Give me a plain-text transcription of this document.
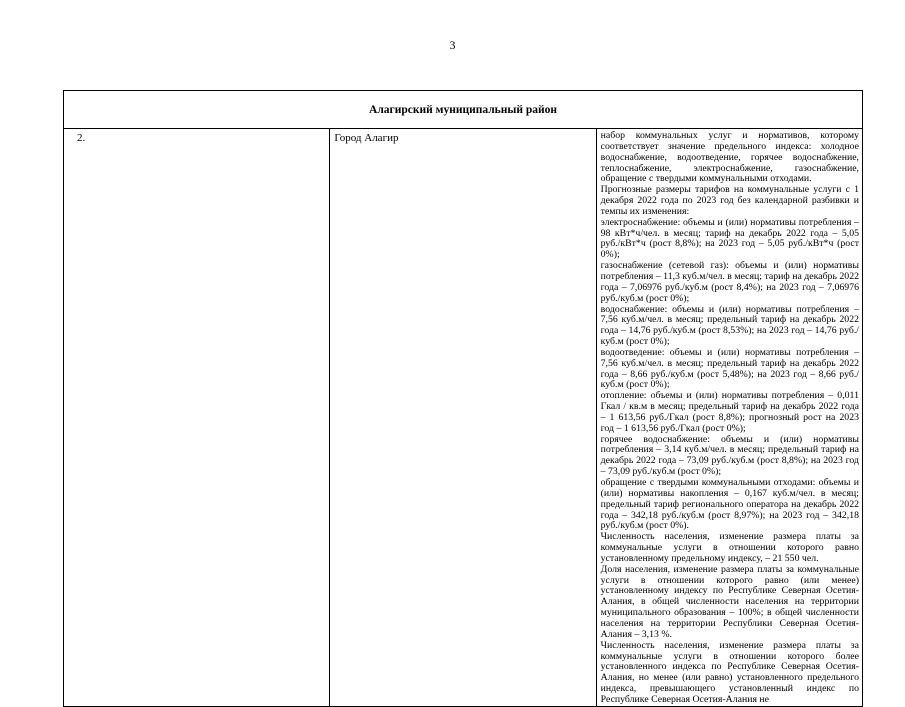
3
Алагирский муниципальный район
2.	Город Алагир	набор коммунальных услуг и нормативов, которому соответствует значение предельного индекса: холодное водоснабжение, водоотведение, горячее водоснабжение, теплоснабжение, электроснабжение, газоснабжение, обращение с твердыми коммунальными отходами.

Прогнозные размеры тарифов на коммунальные услуги с 1 декабря 2022 года по 2023 год без календарной разбивки и темпы их изменения:

электроснабжение: объемы и (или) нормативы потребления – 98 кВт*ч/чел. в месяц; тариф на декабрь 2022 года – 5,05 руб./кВт*ч (рост 8,8%); на 2023 год – 5,05 руб./кВт*ч (рост 0%);

газоснабжение (сетевой газ): объемы и (или) нормативы потребления – 11,3 куб.м/чел. в месяц; тариф на декабрь 2022 года – 7,06976 руб./куб.м (рост 8,4%); на 2023 год – 7,06976 руб./куб.м (рост 0%);

водоснабжение: объемы и (или) нормативы потребления – 7,56 куб.м/чел. в месяц; предельный тариф на декабрь 2022 года – 14,76 руб./куб.м (рост 8,53%); на 2023 год – 14,76 руб./куб.м (рост 0%);

водоотведение: объемы и (или) нормативы потребления – 7,56 куб.м/чел. в месяц; предельный тариф на декабрь 2022 года – 8,66 руб./куб.м (рост 5,48%); на 2023 год – 8,66 руб./куб.м (рост 0%);

отопление: объемы и (или) нормативы потребления – 0,011 Гкал / кв.м в месяц; предельный тариф на декабрь 2022 года – 1 613,56 руб./Гкал (рост 8,8%); прогнозный рост на 2023 год – 1 613,56 руб./Гкал (рост 0%);

горячее водоснабжение: объемы и (или) нормативы потребления – 3,14 куб.м/чел. в месяц; предельный тариф на декабрь 2022 года – 73,09 руб./куб.м (рост 8,8%); на 2023 год – 73,09 руб./куб.м (рост 0%);

обращение с твердыми коммунальными отходами: объемы и (или) нормативы накопления – 0,167 куб.м/чел. в месяц; предельный тариф регионального оператора на декабрь 2022 года – 342,18 руб./куб.м (рост 8,97%); на 2023 год – 342,18 руб./куб.м (рост 0%).

Численность населения, изменение размера платы за коммунальные услуги в отношении которого равно установленному предельному индексу, – 21 550 чел.

Доля населения, изменение размера платы за коммунальные услуги в отношении которого равно (или менее) установленному индексу по Республике Северная Осетия-Алания, в общей численности населения на территории муниципального образования – 100%; в общей численности населения на территории Республики Северная Осетия-Алания – 3,13 %.

Численность населения, изменение размера платы за коммунальные услуги в отношении которого более установленного индекса по Республике Северная Осетия-Алания, но менее (или равно) установленного предельного индекса, превышающего установленный индекс по Республике Северная Осетия-Алания не
